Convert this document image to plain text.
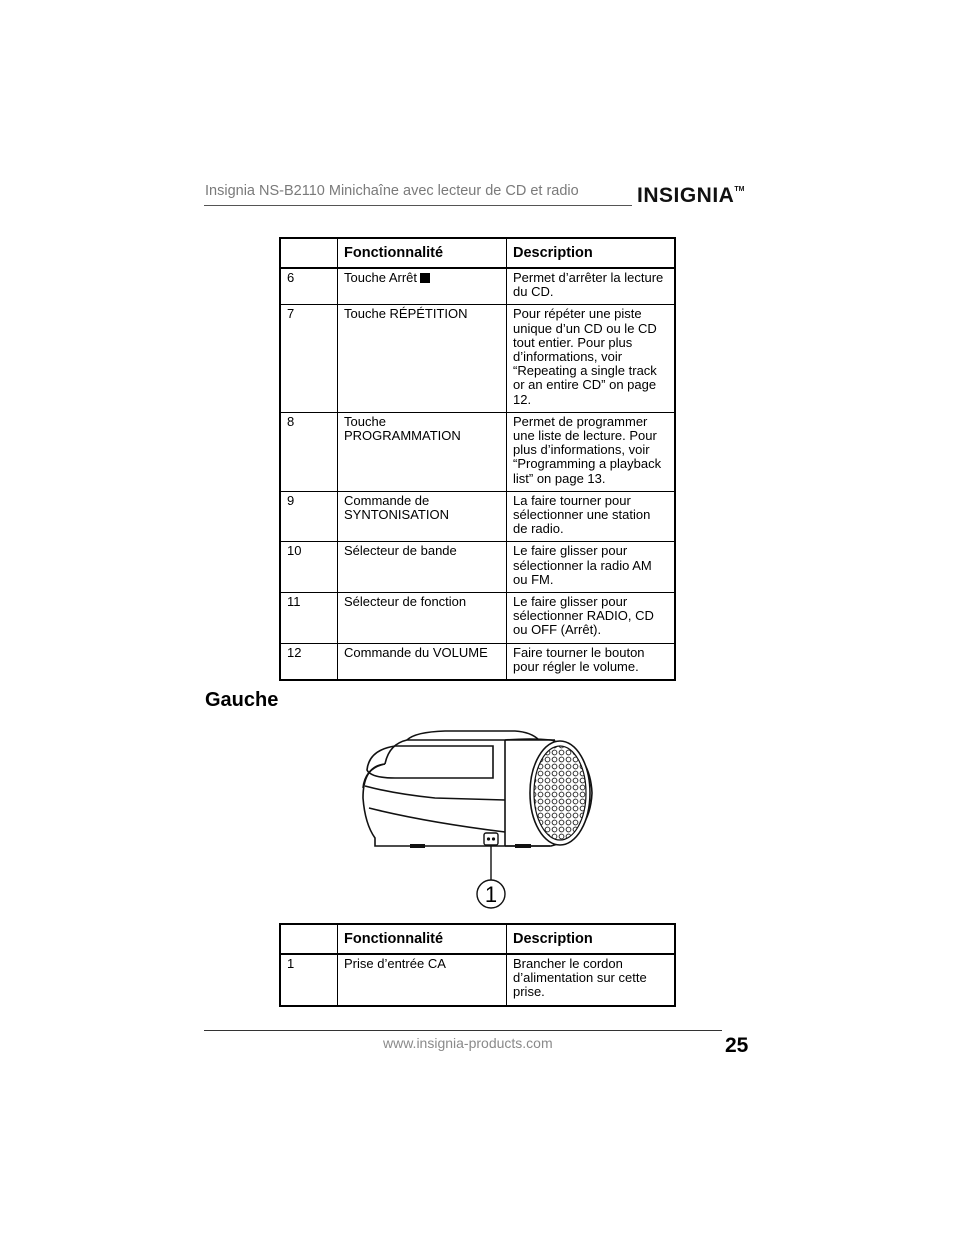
Insignia NS-B2110 Minichaîne avec lecteur de CD et radio	INSIGNIA™
	Fonctionnalité	Description
6	Touche Arrêt	Permet d’arrêter la lecture du CD.
7	Touche RÉPÉTITION	Pour répéter une piste unique d’un CD ou le CD tout entier. Pour plus d’informations, voir “Repeating a single track or an entire CD” on page 12.
8	Touche PROGRAMMATION	Permet de programmer une liste de lecture. Pour plus d’informations, voir “Programming a playback list” on page 13.
9	Commande de SYNTONISATION	La faire tourner pour sélectionner une station de radio.
10	Sélecteur de bande	Le faire glisser pour sélectionner la radio AM ou FM.
11	Sélecteur de fonction	Le faire glisser pour sélectionner RADIO, CD ou OFF (Arrêt).
12	Commande du VOLUME	Faire tourner le bouton pour régler le volume.
Gauche
1
	Fonctionnalité	Description
1	Prise d’entrée CA	Brancher le cordon d’alimentation sur cette prise.
www.insignia-products.com	25
